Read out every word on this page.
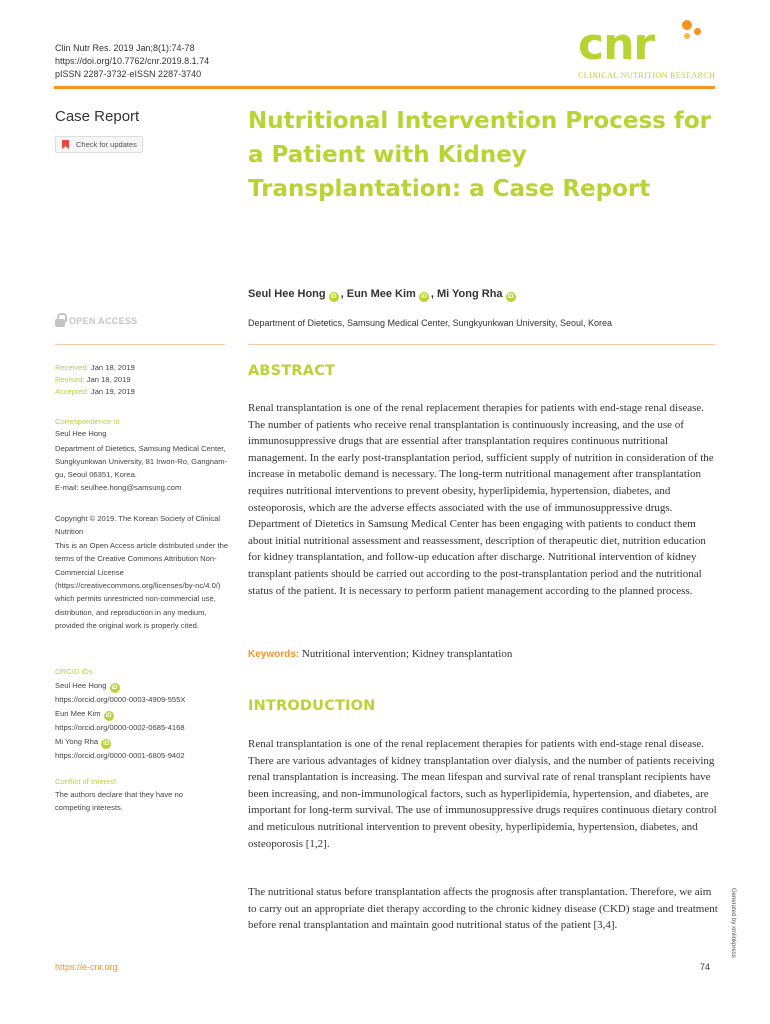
Clin Nutr Res. 2019 Jan;8(1):74-78
https://doi.org/10.7762/cnr.2019.8.1.74
pISSN 2287-3732·eISSN 2287-3740
cnr
CLINICAL NUTRITION RESEARCH
Case Report
Check for updates
Nutritional Intervention Process for a Patient with Kidney Transplantation: a Case Report
Seul Hee Hong iD , Eun Mee Kim iD , Mi Yong Rha iD
Department of Dietetics, Samsung Medical Center, Sungkyunkwan University, Seoul, Korea
OPEN ACCESS
Received: Jan 18, 2019
Revised: Jan 18, 2019
Accepted: Jan 19, 2019
Correspondence to
Seul Hee Hong
Department of Dietetics, Samsung Medical Center, Sungkyunkwan University, 81 Irwon-Ro, Gangnam-gu, Seoul 06351, Korea.
E-mail: seulhee.hong@samsung.com
Copyright © 2019. The Korean Society of Clinical Nutrition
This is an Open Access article distributed under the terms of the Creative Commons Attribution Non-Commercial License (https://creativecommons.org/licenses/by-nc/4.0/) which permits unrestricted non-commercial use, distribution, and reproduction in any medium, provided the original work is properly cited.
ORCID iDs
Seul Hee Hong iD
https://orcid.org/0000-0003-4909-555X
Eun Mee Kim iD
https://orcid.org/0000-0002-0685-4168
Mi Yong Rha iD
https://orcid.org/0000-0001-6805-9402
Conflict of Interest
The authors declare that they have no competing interests.
ABSTRACT

Renal transplantation is one of the renal replacement therapies for patients with end-stage renal disease. The number of patients who receive renal transplantation is continuously increasing, and the use of immunosuppressive drugs that are essential after transplantation requires continuous nutritional management. In the early post-transplantation period, sufficient supply of nutrition in consideration of the increase in metabolic demand is necessary. The long-term nutritional management after transplantation requires nutritional interventions to prevent obesity, hyperlipidemia, hypertension, diabetes, and osteoporosis, which are the adverse effects associated with the use of immunosuppressive drugs. Department of Dietetics in Samsung Medical Center has been engaging with patients to conduct them about initial nutritional assessment and reassessment, description of therapeutic diet, nutrition education for kidney transplantation, and follow-up education after discharge. Nutritional intervention of kidney transplant patients should be carried out according to the post-transplantation period and the nutritional status of the patient. It is necessary to perform patient management according to the planned process.

Keywords: Nutritional intervention; Kidney transplantation

INTRODUCTION

Renal transplantation is one of the renal replacement therapies for patients with end-stage renal disease. There are various advantages of kidney transplantation over dialysis, and the number of patients receiving renal transplantation is increasing. The mean lifespan and survival rate of renal transplant recipients have been increasing, and non-immunological factors, such as hyperlipidemia, hypertension, and diabetes, are important for long-term survival. The use of immunosuppressive drugs requires continuous dietary control and meticulous nutritional intervention to prevent obesity, hyperlipidemia, hypertension, diabetes, and osteoporosis [1,2].

The nutritional status before transplantation affects the prognosis after transplantation. Therefore, we aim to carry out an appropriate diet therapy according to the chronic kidney disease (CKD) stage and treatment before renal transplantation and maintain good nutritional status of the patient [3,4].

https://e-cnr.org	74
Generated by xmlinkpress
